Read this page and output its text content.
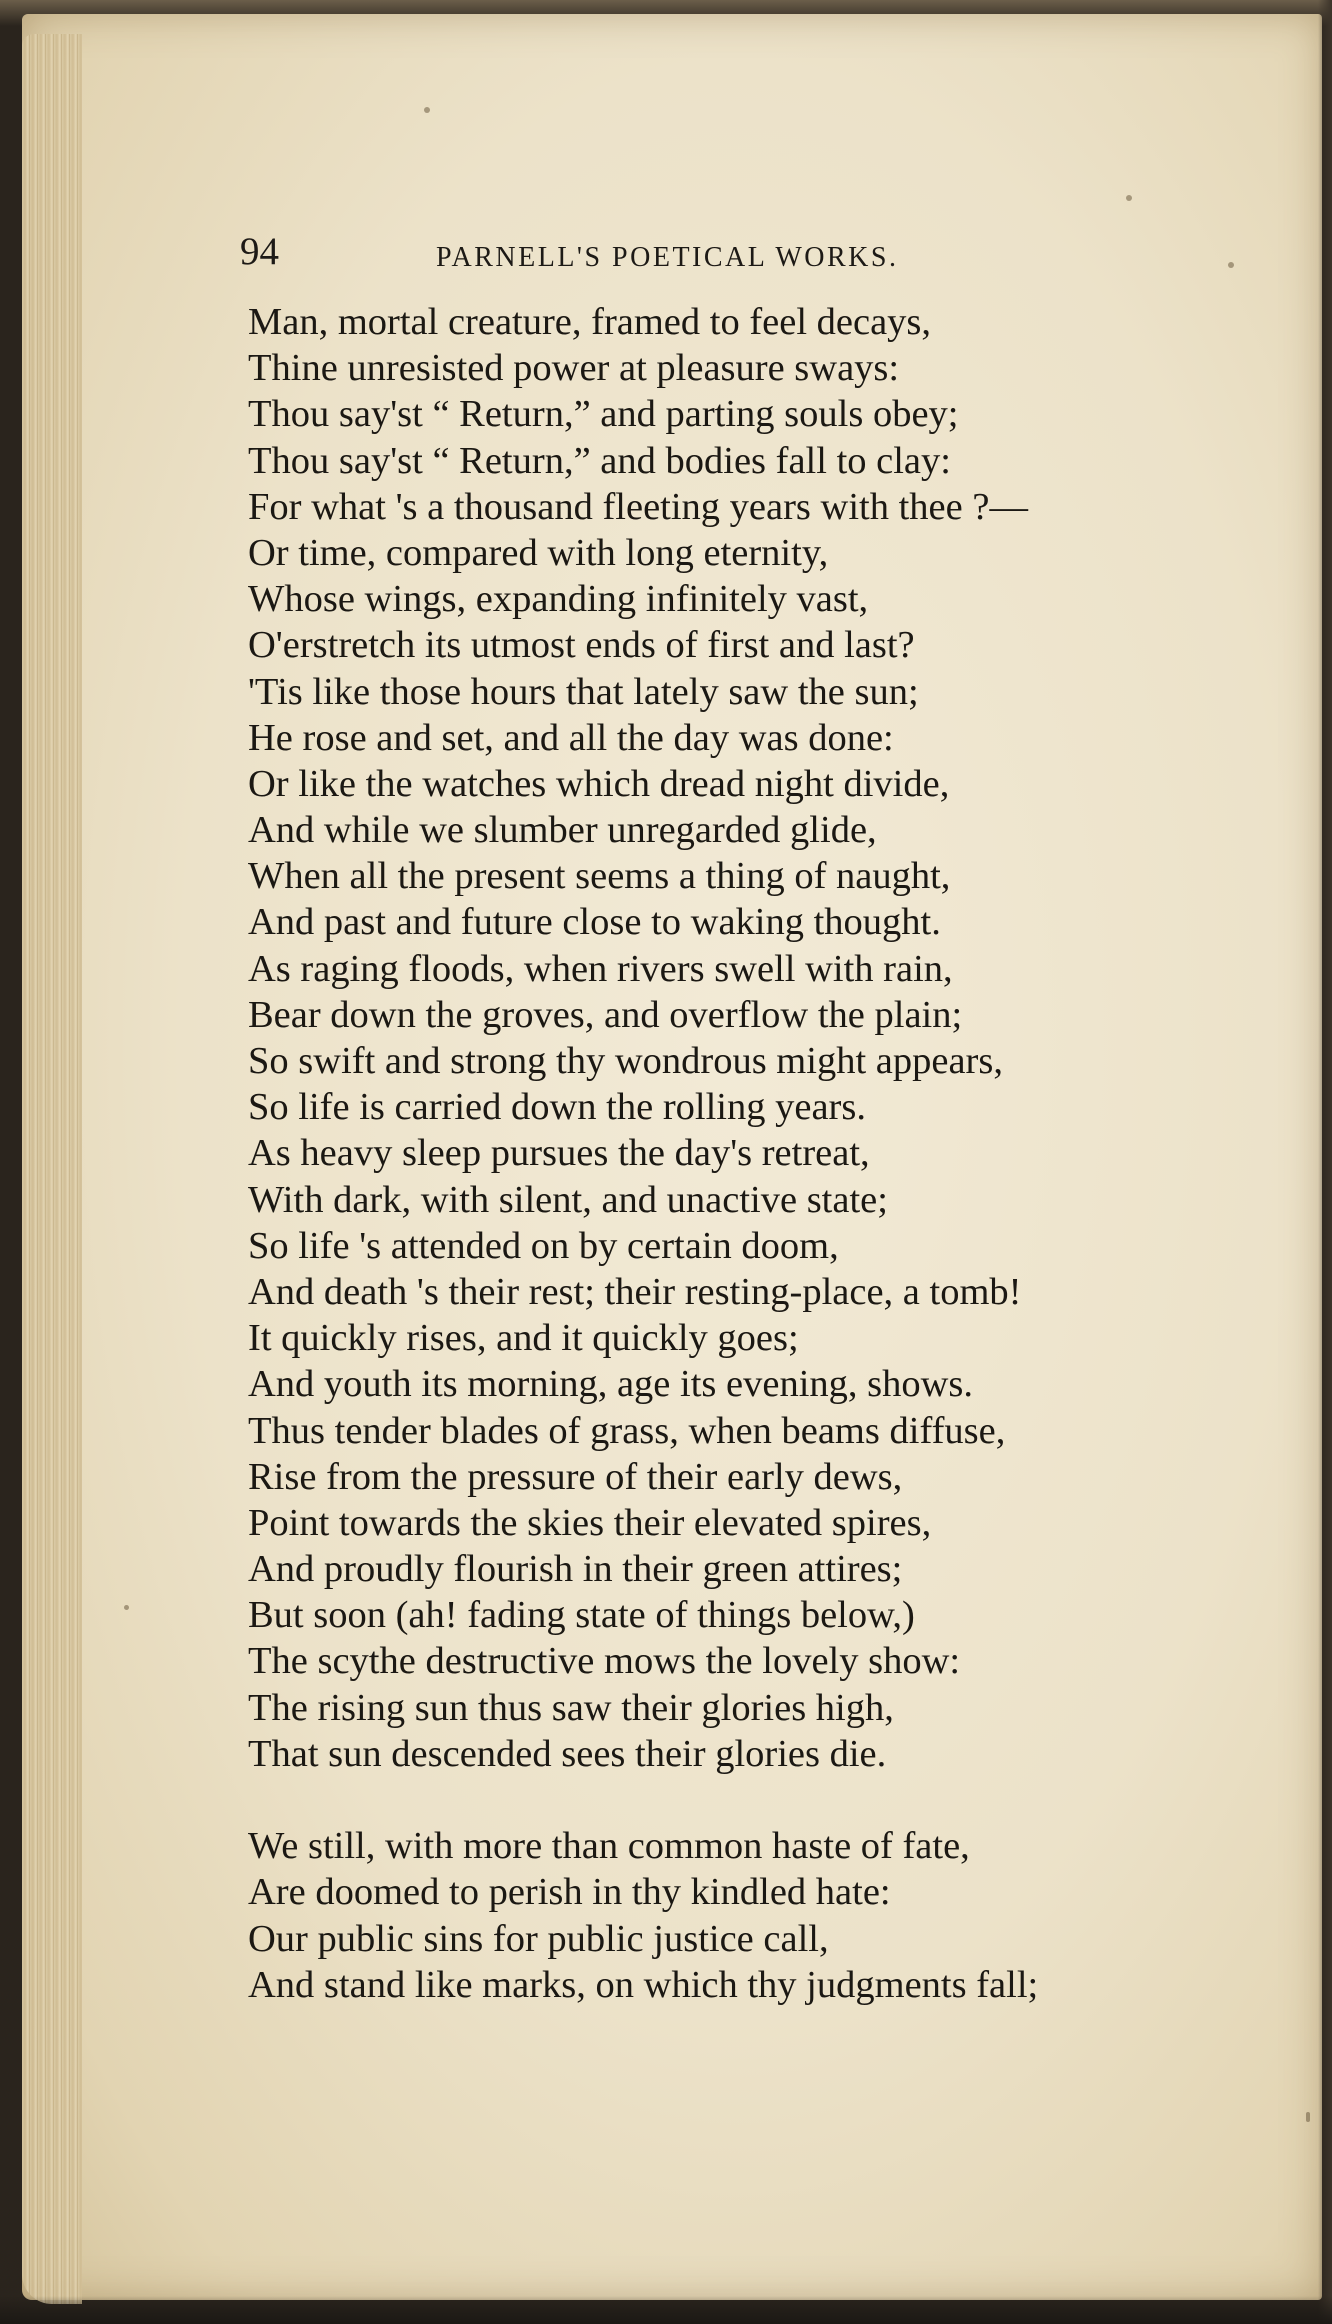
94	PARNELL'S POETICAL WORKS.
Man, mortal creature, framed to feel decays,
Thine unresisted power at pleasure sways:
Thou say'st “ Return,” and parting souls obey;
Thou say'st “ Return,” and bodies fall to clay:
For what 's a thousand fleeting years with thee ?—
Or time, compared with long eternity,
Whose wings, expanding infinitely vast,
O'erstretch its utmost ends of first and last?
'Tis like those hours that lately saw the sun;
He rose and set, and all the day was done:
Or like the watches which dread night divide,
And while we slumber unregarded glide,
When all the present seems a thing of naught,
And past and future close to waking thought.
As raging floods, when rivers swell with rain,
Bear down the groves, and overflow the plain;
So swift and strong thy wondrous might appears,
So life is carried down the rolling years.
As heavy sleep pursues the day's retreat,
With dark, with silent, and unactive state;
So life 's attended on by certain doom,
And death 's their rest; their resting-place, a tomb!
It quickly rises, and it quickly goes;
And youth its morning, age its evening, shows.
Thus tender blades of grass, when beams diffuse,
Rise from the pressure of their early dews,
Point towards the skies their elevated spires,
And proudly flourish in their green attires;
But soon (ah! fading state of things below,)
The scythe destructive mows the lovely show:
The rising sun thus saw their glories high,
That sun descended sees their glories die.
We still, with more than common haste of fate,
Are doomed to perish in thy kindled hate:
Our public sins for public justice call,
And stand like marks, on which thy judgments fall;
